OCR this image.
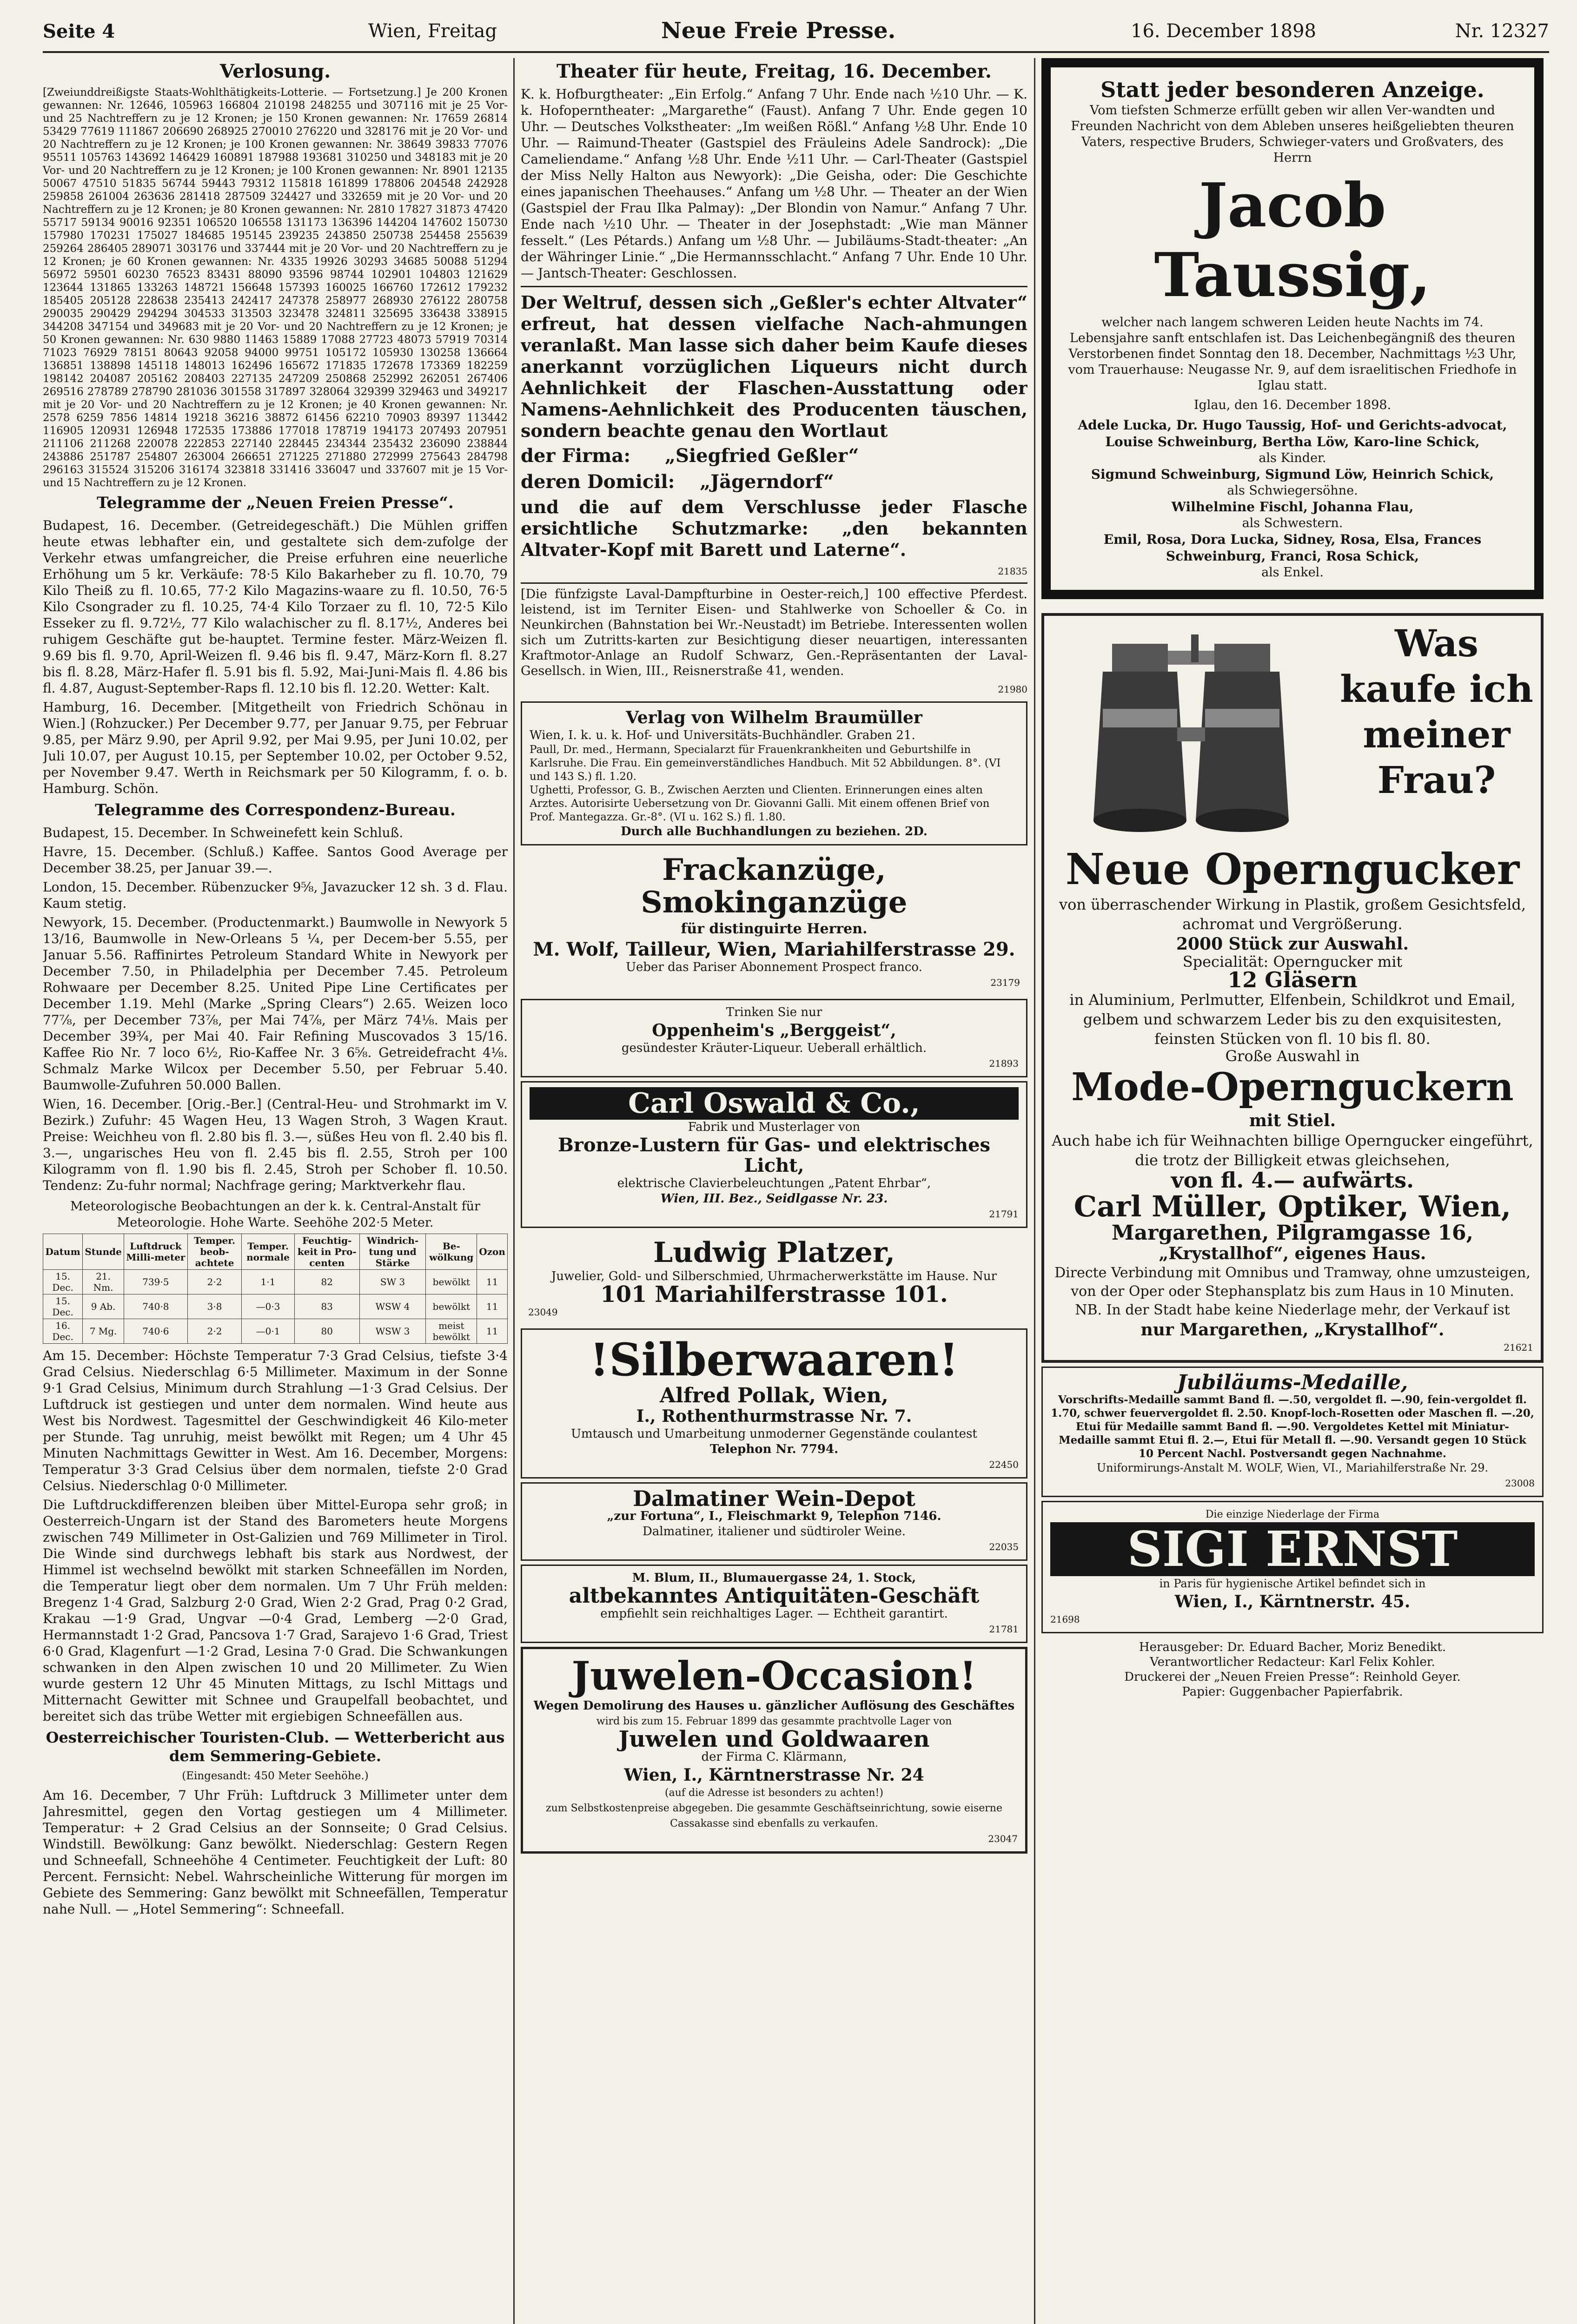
Seite 4	Wien, Freitag	Neue Freie Presse.	16. December 1898	Nr. 12327
Verlosung.

[Zweiunddreißigste Staats-Wohlthätigkeits-Lotterie. — Fortsetzung.] Je 200 Kronen gewannen: Nr. 12646, 105963 166804 210198 248255 und 307116 mit je 25 Vor- und 25 Nachtreffern zu je 12 Kronen; je 150 Kronen gewannen: Nr. 17659 26814 53429 77619 111867 206690 268925 270010 276220 und 328176 mit je 20 Vor- und 20 Nachtreffern zu je 12 Kronen; je 100 Kronen gewannen: Nr. 38649 39833 77076 95511 105763 143692 146429 160891 187988 193681 310250 und 348183 mit je 20 Vor- und 20 Nachtreffern zu je 12 Kronen; je 100 Kronen gewannen: Nr. 8901 12135 50067 47510 51835 56744 59443 79312 115818 161899 178806 204548 242928 259858 261004 263636 281418 287509 324427 und 332659 mit je 20 Vor- und 20 Nachtreffern zu je 12 Kronen; je 80 Kronen gewannen: Nr. 2810 17827 31873 47420 55717 59134 90016 92351 106520 106558 131173 136396 144204 147602 150730 157980 170231 175027 184685 195145 239235 243850 250738 254458 255639 259264 286405 289071 303176 und 337444 mit je 20 Vor- und 20 Nachtreffern zu je 12 Kronen; je 60 Kronen gewannen: Nr. 4335 19926 30293 34685 50088 51294 56972 59501 60230 76523 83431 88090 93596 98744 102901 104803 121629 123644 131865 133263 148721 156648 157393 160025 166760 172612 179232 185405 205128 228638 235413 242417 247378 258977 268930 276122 280758 290035 290429 294294 304533 313503 323478 324811 325695 336438 338915 344208 347154 und 349683 mit je 20 Vor- und 20 Nachtreffern zu je 12 Kronen; je 50 Kronen gewannen: Nr. 630 9880 11463 15889 17088 27723 48073 57919 70314 71023 76929 78151 80643 92058 94000 99751 105172 105930 130258 136664 136851 138898 145118 148013 162496 165672 171835 172678 173369 182259 198142 204087 205162 208403 227135 247209 250868 252992 262051 267406 269516 278789 278790 281036 301558 317897 328064 329399 329463 und 349217 mit je 20 Vor- und 20 Nachtreffern zu je 12 Kronen; je 40 Kronen gewannen: Nr. 2578 6259 7856 14814 19218 36216 38872 61456 62210 70903 89397 113442 116905 120931 126948 172535 173886 177018 178719 194173 207493 207951 211106 211268 220078 222853 227140 228445 234344 235432 236090 238844 243886 251787 254807 263004 266651 271225 271880 272999 275643 284798 296163 315524 315206 316174 323818 331416 336047 und 337607 mit je 15 Vor- und 15 Nachtreffern zu je 12 Kronen.

Telegramme der „Neuen Freien Presse“.

Budapest, 16. December. (Getreidegeschäft.) Die Mühlen griffen heute etwas lebhafter ein, und gestaltete sich dem-zufolge der Verkehr etwas umfangreicher, die Preise erfuhren eine neuerliche Erhöhung um 5 kr. Verkäufe: 78·5 Kilo Bakarheber zu fl. 10.70, 79 Kilo Theiß zu fl. 10.65, 77·2 Kilo Magazins-waare zu fl. 10.50, 76·5 Kilo Csongrader zu fl. 10.25, 74·4 Kilo Torzaer zu fl. 10, 72·5 Kilo Esseker zu fl. 9.72½, 77 Kilo walachischer zu fl. 8.17½, Anderes bei ruhigem Geschäfte gut be-hauptet. Termine fester. März-Weizen fl. 9.69 bis fl. 9.70, April-Weizen fl. 9.46 bis fl. 9.47, März-Korn fl. 8.27 bis fl. 8.28, März-Hafer fl. 5.91 bis fl. 5.92, Mai-Juni-Mais fl. 4.86 bis fl. 4.87, August-September-Raps fl. 12.10 bis fl. 12.20. Wetter: Kalt.

Hamburg, 16. December. [Mitgetheilt von Friedrich Schönau in Wien.] (Rohzucker.) Per December 9.77, per Januar 9.75, per Februar 9.85, per März 9.90, per April 9.92, per Mai 9.95, per Juni 10.02, per Juli 10.07, per August 10.15, per September 10.02, per October 9.52, per November 9.47. Werth in Reichsmark per 50 Kilogramm, f. o. b. Hamburg. Schön.

Telegramme des Correspondenz-Bureau.

Budapest, 15. December. In Schweinefett kein Schluß.

Havre, 15. December. (Schluß.) Kaffee. Santos Good Average per December 38.25, per Januar 39.—.

London, 15. December. Rübenzucker 9⅝, Javazucker 12 sh. 3 d. Flau. Kaum stetig.

Newyork, 15. December. (Productenmarkt.) Baumwolle in Newyork 5 13/16, Baumwolle in New-Orleans 5 ¼, per Decem-ber 5.55, per Januar 5.56. Raffinirtes Petroleum Standard White in Newyork per December 7.50, in Philadelphia per December 7.45. Petroleum Rohwaare per December 8.25. United Pipe Line Certificates per December 1.19. Mehl (Marke „Spring Clears“) 2.65. Weizen loco 77⅞, per December 73⅞, per Mai 74⅞, per März 74⅛. Mais per December 39¾, per Mai 40. Fair Refining Muscovados 3 15/16. Kaffee Rio Nr. 7 loco 6½, Rio-Kaffee Nr. 3 6⅝. Getreidefracht 4⅛. Schmalz Marke Wilcox per December 5.50, per Februar 5.40. Baumwolle-Zufuhren 50.000 Ballen.

Wien, 16. December. [Orig.-Ber.] (Central-Heu- und Strohmarkt im V. Bezirk.) Zufuhr: 45 Wagen Heu, 13 Wagen Stroh, 3 Wagen Kraut. Preise: Weichheu von fl. 2.80 bis fl. 3.—, süßes Heu von fl. 2.40 bis fl. 3.—, ungarisches Heu von fl. 2.45 bis fl. 2.55, Stroh per 100 Kilogramm von fl. 1.90 bis fl. 2.45, Stroh per Schober fl. 10.50. Tendenz: Zu-fuhr normal; Nachfrage gering; Marktverkehr flau.

Meteorologische Beobachtungen an der k. k. Central-Anstalt für Meteorologie. Hohe Warte. Seehöhe 202·5 Meter.

Datum	Stunde	Luftdruck Milli-meter	Temper. beob-achtete	Temper. normale	Feuchtig-keit in Pro-centen	Windrich-tung und Stärke	Be-wölkung	Ozon
15. Dec.	21. Nm.	739·5	2·2	1·1	82	SW 3	bewölkt	11
15. Dec.	9 Ab.	740·8	3·8	—0·3	83	WSW 4	bewölkt	11
16. Dec.	7 Mg.	740·6	2·2	—0·1	80	WSW 3	meist bewölkt	11

Am 15. December: Höchste Temperatur 7·3 Grad Celsius, tiefste 3·4 Grad Celsius. Niederschlag 6·5 Millimeter. Maximum in der Sonne 9·1 Grad Celsius, Minimum durch Strahlung —1·3 Grad Celsius. Der Luftdruck ist gestiegen und unter dem normalen. Wind heute aus West bis Nordwest. Tagesmittel der Geschwindigkeit 46 Kilo-meter per Stunde. Tag unruhig, meist bewölkt mit Regen; um 4 Uhr 45 Minuten Nachmittags Gewitter in West. Am 16. December, Morgens: Temperatur 3·3 Grad Celsius über dem normalen, tiefste 2·0 Grad Celsius. Niederschlag 0·0 Millimeter.

Die Luftdruckdifferenzen bleiben über Mittel-Europa sehr groß; in Oesterreich-Ungarn ist der Stand des Barometers heute Morgens zwischen 749 Millimeter in Ost-Galizien und 769 Millimeter in Tirol. Die Winde sind durchwegs lebhaft bis stark aus Nordwest, der Himmel ist wechselnd bewölkt mit starken Schneefällen im Norden, die Temperatur liegt ober dem normalen. Um 7 Uhr Früh melden: Bregenz 1·4 Grad, Salzburg 2·0 Grad, Wien 2·2 Grad, Prag 0·2 Grad, Krakau —1·9 Grad, Ungvar —0·4 Grad, Lemberg —2·0 Grad, Hermannstadt 1·2 Grad, Pancsova 1·7 Grad, Sarajevo 1·6 Grad, Triest 6·0 Grad, Klagenfurt —1·2 Grad, Lesina 7·0 Grad. Die Schwankungen schwanken in den Alpen zwischen 10 und 20 Millimeter. Zu Wien wurde gestern 12 Uhr 45 Minuten Mittags, zu Ischl Mittags und Mitternacht Gewitter mit Schnee und Graupelfall beobachtet, und bereitet sich das trübe Wetter mit ergiebigen Schneefällen aus.

Oesterreichischer Touristen-Club. — Wetterbericht aus dem Semmering-Gebiete.

(Eingesandt: 450 Meter Seehöhe.)

Am 16. December, 7 Uhr Früh: Luftdruck 3 Millimeter unter dem Jahresmittel, gegen den Vortag gestiegen um 4 Millimeter. Temperatur: + 2 Grad Celsius an der Sonnseite; 0 Grad Celsius. Windstill. Bewölkung: Ganz bewölkt. Niederschlag: Gestern Regen und Schneefall, Schneehöhe 4 Centimeter. Feuchtigkeit der Luft: 80 Percent. Fernsicht: Nebel. Wahrscheinliche Witterung für morgen im Gebiete des Semmering: Ganz bewölkt mit Schneefällen, Temperatur nahe Null. — „Hotel Semmering“: Schneefall.

Theater für heute, Freitag, 16. December.

K. k. Hofburgtheater: „Ein Erfolg.“ Anfang 7 Uhr. Ende nach ½10 Uhr. — K. k. Hofoperntheater: „Margarethe“ (Faust). Anfang 7 Uhr. Ende gegen 10 Uhr. — Deutsches Volkstheater: „Im weißen Rößl.“ Anfang ½8 Uhr. Ende 10 Uhr. — Raimund-Theater (Gastspiel des Fräuleins Adele Sandrock): „Die Cameliendame.“ Anfang ½8 Uhr. Ende ½11 Uhr. — Carl-Theater (Gastspiel der Miss Nelly Halton aus Newyork): „Die Geisha, oder: Die Geschichte eines japanischen Theehauses.“ Anfang um ½8 Uhr. — Theater an der Wien (Gastspiel der Frau Ilka Palmay): „Der Blondin von Namur.“ Anfang 7 Uhr. Ende nach ½10 Uhr. — Theater in der Josephstadt: „Wie man Männer fesselt.“ (Les Pétards.) Anfang um ½8 Uhr. — Jubiläums-Stadt-theater: „An der Währinger Linie.“ „Die Hermannsschlacht.“ Anfang 7 Uhr. Ende 10 Uhr. — Jantsch-Theater: Geschlossen.

Der Weltruf, dessen sich „Geßler's echter Altvater“ erfreut, hat dessen vielfache Nach-ahmungen veranlaßt. Man lasse sich daher beim Kaufe dieses anerkannt vorzüglichen Liqueurs nicht durch Aehnlichkeit der Flaschen-Ausstattung oder Namens-Aehnlichkeit des Producenten täuschen, sondern beachte genau den Wortlaut

der Firma: „Siegfried Geßler“

deren Domicil: „Jägerndorf“

und die auf dem Verschlusse jeder Flasche ersichtliche Schutzmarke: „den bekannten Altvater-Kopf mit Barett und Laterne“.

21835

[Die fünfzigste Laval-Dampfturbine in Oester-reich,] 100 effective Pferdest. leistend, ist im Terniter Eisen- und Stahlwerke von Schoeller & Co. in Neunkirchen (Bahnstation bei Wr.-Neustadt) im Betriebe. Interessenten wollen sich um Zutritts-karten zur Besichtigung dieser neuartigen, interessanten Kraftmotor-Anlage an Rudolf Schwarz, Gen.-Repräsentanten der Laval-Gesellsch. in Wien, III., Reisnerstraße 41, wenden.

21980

Verlag von Wilhelm Braumüller
Wien, I. k. u. k. Hof- und Universitäts-Buchhändler. Graben 21.
Paull, Dr. med., Hermann, Specialarzt für Frauenkrankheiten und Geburtshilfe in Karlsruhe. Die Frau. Ein gemeinverständliches Handbuch. Mit 52 Abbildungen. 8°. (VI und 143 S.) fl. 1.20.
Ughetti, Professor, G. B., Zwischen Aerzten und Clienten. Erinnerungen eines alten Arztes. Autorisirte Uebersetzung von Dr. Giovanni Galli. Mit einem offenen Brief von Prof. Mantegazza. Gr.-8°. (VI u. 162 S.) fl. 1.80.
Durch alle Buchhandlungen zu beziehen. 2D.
Frackanzüge, Smokinganzüge
für distinguirte Herren.
M. Wolf, Tailleur, Wien, Mariahilferstrasse 29.
Ueber das Pariser Abonnement Prospect franco.
23179
Trinken Sie nur
Oppenheim's „Berggeist“,
gesündester Kräuter-Liqueur. Ueberall erhältlich.
21893
Carl Oswald & Co.,
Fabrik und Musterlager von
Bronze-Lustern für Gas- und elektrisches Licht,
elektrische Clavierbeleuchtungen „Patent Ehrbar“,
Wien, III. Bez., Seidlgasse Nr. 23.
21791
Ludwig Platzer,
Juwelier, Gold- und Silberschmied, Uhrmacherwerkstätte im Hause. Nur
101 Mariahilferstrasse 101.
23049
!Silberwaaren!
Alfred Pollak, Wien,
I., Rothenthurmstrasse Nr. 7.
Umtausch und Umarbeitung unmoderner Gegenstände coulantest
Telephon Nr. 7794.
22450
Dalmatiner Wein-Depot
„zur Fortuna“, I., Fleischmarkt 9, Telephon 7146.
Dalmatiner, italiener und südtiroler Weine.
22035
M. Blum, II., Blumauergasse 24, 1. Stock,
altbekanntes Antiquitäten-Geschäft
empfiehlt sein reichhaltiges Lager. — Echtheit garantirt.
21781
Juwelen-Occasion!
Wegen Demolirung des Hauses u. gänzlicher Auflösung des Geschäftes
wird bis zum 15. Februar 1899 das gesammte prachtvolle Lager von
Juwelen und Goldwaaren
der Firma C. Klärmann,
Wien, I., Kärntnerstrasse Nr. 24
(auf die Adresse ist besonders zu achten!)
zum Selbstkostenpreise abgegeben. Die gesammte Geschäftseinrichtung, sowie eiserne Cassakasse sind ebenfalls zu verkaufen.
23047
Statt jeder besonderen Anzeige.
Vom tiefsten Schmerze erfüllt geben wir allen Ver-wandten und Freunden Nachricht von dem Ableben unseres heißgeliebten theuren Vaters, respective Bruders, Schwieger-vaters und Großvaters, des Herrn
Jacob Taussig,
welcher nach langem schweren Leiden heute Nachts im 74. Lebensjahre sanft entschlafen ist. Das Leichenbegängniß des theuren Verstorbenen findet Sonntag den 18. December, Nachmittags ½3 Uhr, vom Trauerhause: Neugasse Nr. 9, auf dem israelitischen Friedhofe in Iglau statt.
Iglau, den 16. December 1898.
Adele Lucka, Dr. Hugo Taussig, Hof- und Gerichts-advocat, Louise Schweinburg, Bertha Löw, Karo-line Schick,
als Kinder.
Sigmund Schweinburg, Sigmund Löw, Heinrich Schick,
als Schwiegersöhne.
Wilhelmine Fischl, Johanna Flau,
als Schwestern.
Emil, Rosa, Dora Lucka, Sidney, Rosa, Elsa, Frances Schweinburg, Franci, Rosa Schick,
als Enkel.
Was kaufe ich meiner Frau?
Neue Operngucker
von überraschender Wirkung in Plastik, großem Gesichtsfeld, achromat und Vergrößerung.
2000 Stück zur Auswahl.
Specialität: Operngucker mit
12 Gläsern
in Aluminium, Perlmutter, Elfenbein, Schildkrot und Email, gelbem und schwarzem Leder bis zu den exquisitesten, feinsten Stücken von fl. 10 bis fl. 80.
Große Auswahl in
Mode-Opernguckern
mit Stiel.
Auch habe ich für Weihnachten billige Operngucker eingeführt, die trotz der Billigkeit etwas gleichsehen,
von fl. 4.— aufwärts.
Carl Müller, Optiker, Wien,
Margarethen, Pilgramgasse 16,
„Krystallhof“, eigenes Haus.
Directe Verbindung mit Omnibus und Tramway, ohne umzusteigen, von der Oper oder Stephansplatz bis zum Haus in 10 Minuten.
NB. In der Stadt habe keine Niederlage mehr, der Verkauf ist
nur Margarethen, „Krystallhof“.
21621
Jubiläums-Medaille,
Vorschrifts-Medaille sammt Band fl. —.50, vergoldet fl. —.90, fein-vergoldet fl. 1.70, schwer feuervergoldet fl. 2.50. Knopf-loch-Rosetten oder Maschen fl. —.20, Etui für Medaille sammt Band fl. —.90. Vergoldetes Kettel mit Miniatur-Medaille sammt Etui fl. 2.—, Etui für Metall fl. —.90. Versandt gegen 10 Stück 10 Percent Nachl. Postversandt gegen Nachnahme.
Uniformirungs-Anstalt M. WOLF, Wien, VI., Mariahilferstraße Nr. 29.
23008
Die einzige Niederlage der Firma
SIGI ERNST
in Paris für hygienische Artikel befindet sich in
Wien, I., Kärntnerstr. 45.
21698
Herausgeber: Dr. Eduard Bacher, Moriz Benedikt.
Verantwortlicher Redacteur: Karl Felix Kohler.
Druckerei der „Neuen Freien Presse“: Reinhold Geyer.
Papier: Guggenbacher Papierfabrik.
